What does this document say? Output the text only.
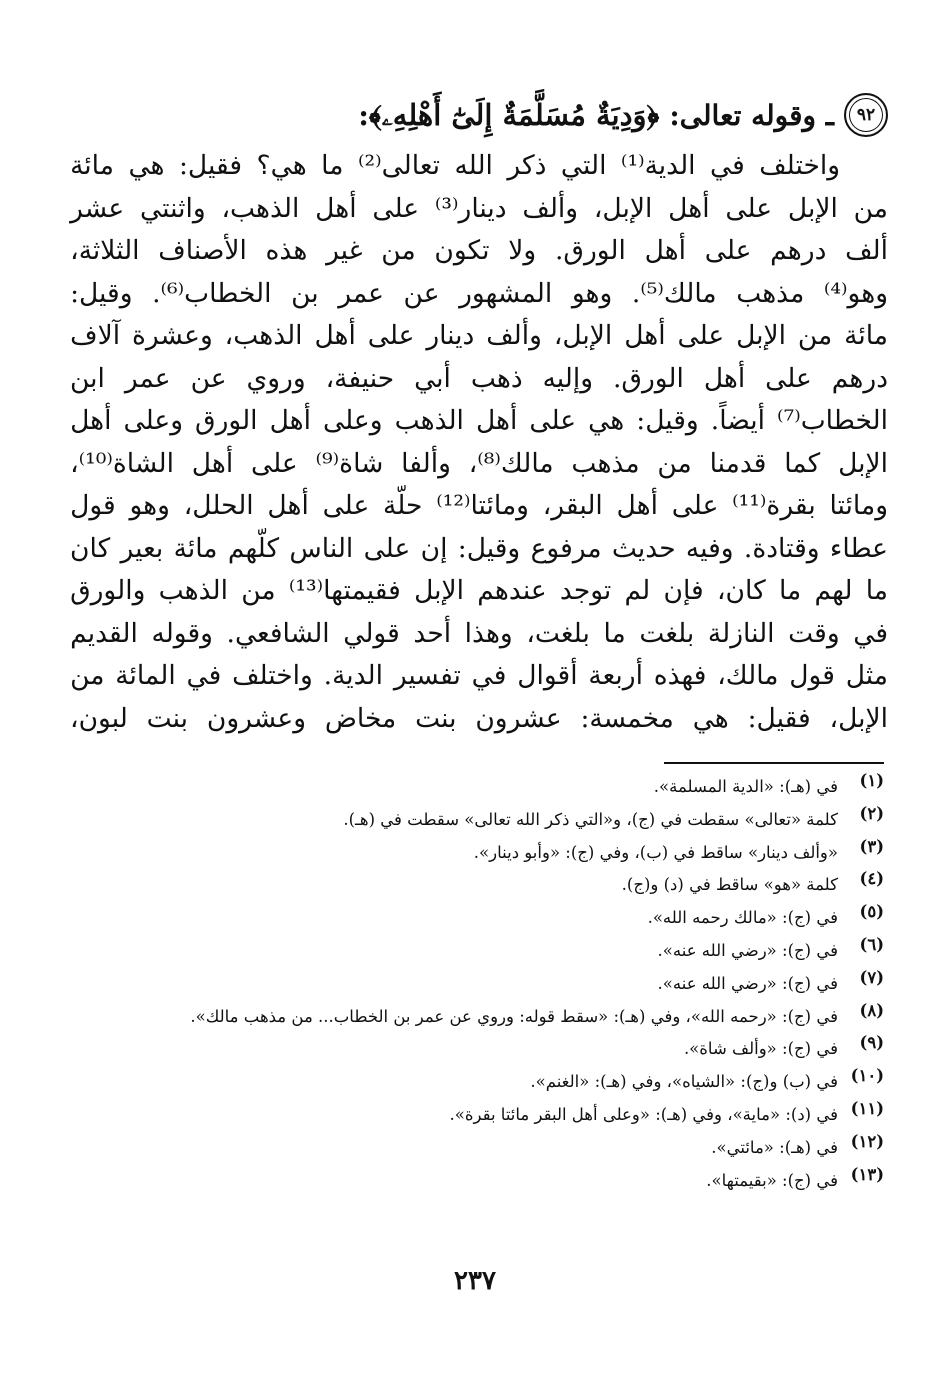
٩٢
ـ وقوله تعالى:
﴿وَدِيَةٌ مُسَلَّمَةٌ إِلَىٰٓ أَهْلِهِۦ﴾:
واختلف
في
الدية⁽¹⁾
التي
ذكر
الله
تعالى⁽²⁾
ما
هي؟
فقيل:
هي
مائة
من
الإبل
على
أهل
الإبل،
وألف
دينار⁽³⁾
على
أهل
الذهب،
واثنتي
عشر
ألف
درهم
على
أهل
الورق.
ولا
تكون
من
غير
هذه
الأصناف
الثلاثة،
وهو⁽⁴⁾
مذهب
مالك⁽⁵⁾.
وهو
المشهور
عن
عمر
بن
الخطاب⁽⁶⁾.
وقيل:
مائة
من
الإبل
على
أهل
الإبل،
وألف
دينار
على
أهل
الذهب،
وعشرة
آلاف
درهم
على
أهل
الورق.
وإليه
ذهب
أبي
حنيفة،
وروي
عن
عمر
ابن
الخطاب⁽⁷⁾
أيضاً.
وقيل:
هي
على
أهل
الذهب
وعلى
أهل
الورق
وعلى
أهل
الإبل
كما
قدمنا
من
مذهب
مالك⁽⁸⁾،
وألفا
شاة⁽⁹⁾
على
أهل
الشاة⁽¹⁰⁾،
ومائتا
بقرة⁽¹¹⁾
على
أهل
البقر،
ومائتا⁽¹²⁾
حلّة
على
أهل
الحلل،
وهو
قول
عطاء
وقتادة.
وفيه
حديث
مرفوع
وقيل:
إن
على
الناس
كلّهم
مائة
بعير
كان
ما
لهم
ما
كان،
فإن
لم
توجد
عندهم
الإبل
فقيمتها⁽¹³⁾
من
الذهب
والورق
في
وقت
النازلة
بلغت
ما
بلغت،
وهذا
أحد
قولي
الشافعي.
وقوله
القديم
مثل
قول
مالك،
فهذه
أربعة
أقوال
في
تفسير
الدية.
واختلف
في
المائة
من
الإبل،
فقيل:
هي
مخمسة:
عشرون
بنت
مخاض
وعشرون
بنت
لبون،
(١)
في (هـ): «الدية المسلمة».
(٢)
كلمة «تعالى» سقطت في (ج)، و«التي ذكر الله تعالى» سقطت في (هـ).
(٣)
«وألف دينار» ساقط في (ب)، وفي (ج): «وأبو دينار».
(٤)
كلمة «هو» ساقط في (د) و(ج).
(٥)
في (ج): «مالك رحمه الله».
(٦)
في (ج): «رضي الله عنه».
(٧)
في (ج): «رضي الله عنه».
(٨)
في (ج): «رحمه الله»، وفي (هـ): «سقط قوله: وروي عن عمر بن الخطاب... من مذهب مالك».
(٩)
في (ج): «وألف شاة».
(١٠)
في (ب) و(ج): «الشياه»، وفي (هـ): «الغنم».
(١١)
في (د): «ماية»، وفي (هـ): «وعلى أهل البقر مائتا بقرة».
(١٢)
في (هـ): «مائتي».
(١٣)
في (ج): «بقيمتها».
٢٣٧
